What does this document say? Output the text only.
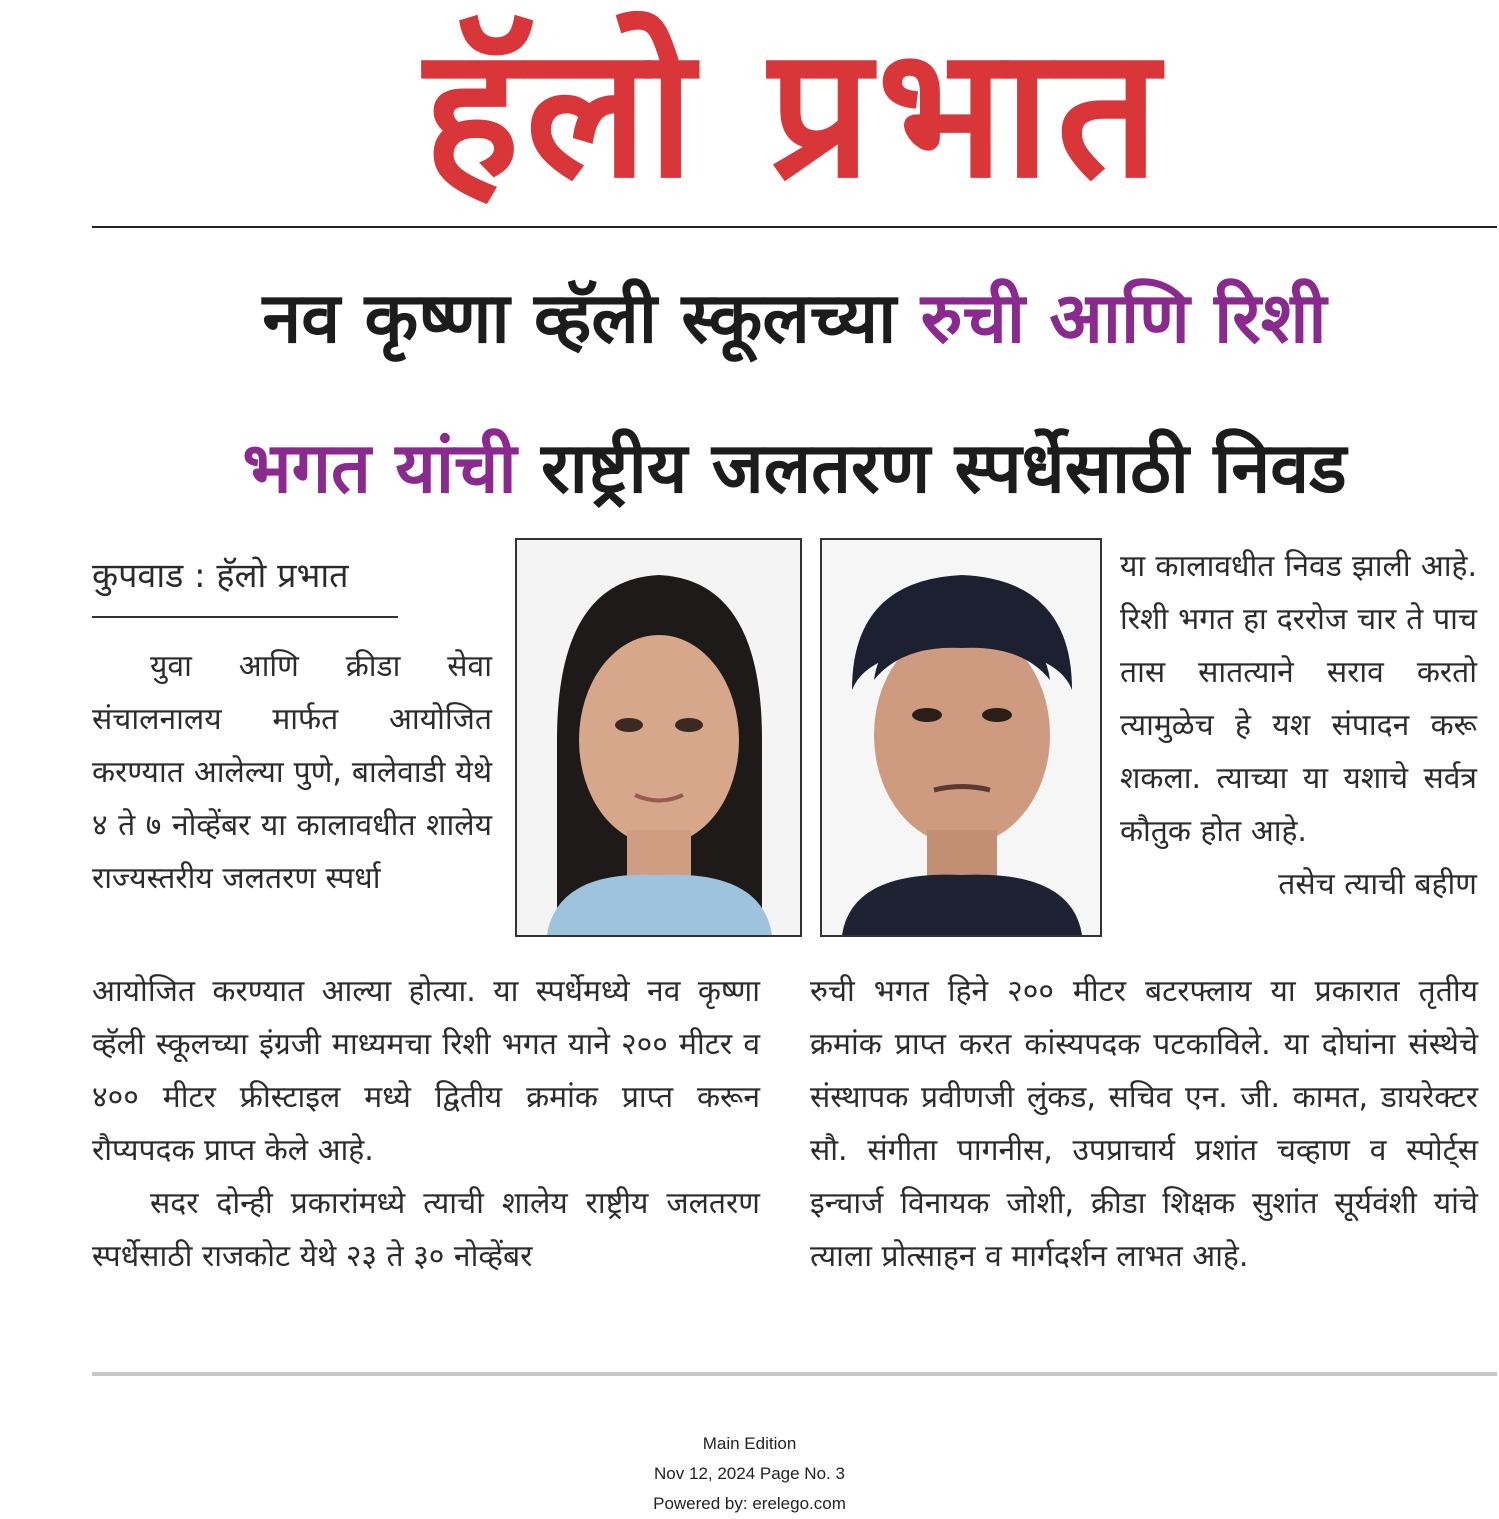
हॅलो प्रभात
नव कृष्णा व्हॅली स्कूलच्या रुची आणि रिशी
भगत यांची राष्ट्रीय जलतरण स्पर्धेसाठी निवड
कुपवाड : हॅलो प्रभात

युवा आणि क्रीडा सेवा संचालनालय मार्फत आयोजित करण्यात आलेल्या पुणे, बालेवाडी येथे ४ ते ७ नोव्हेंबर या कालावधीत शालेय राज्यस्तरीय जलतरण स्पर्धा

या कालावधीत निवड झाली आहे. रिशी भगत हा दररोज चार ते पाच तास सातत्याने सराव करतो त्यामुळेच हे यश संपादन करू शकला. त्याच्या या यशाचे सर्वत्र कौतुक होत आहे.

तसेच त्याची बहीण

आयोजित करण्यात आल्या होत्या. या स्पर्धेमध्ये नव कृष्णा व्हॅली स्कूलच्या इंग्रजी माध्यमचा रिशी भगत याने २०० मीटर व ४०० मीटर फ्रीस्टाइल मध्ये द्वितीय क्रमांक प्राप्त करून रौप्यपदक प्राप्त केले आहे.

सदर दोन्ही प्रकारांमध्ये त्याची शालेय राष्ट्रीय जलतरण स्पर्धेसाठी राजकोट येथे २३ ते ३० नोव्हेंबर

रुची भगत हिने २०० मीटर बटरफ्लाय या प्रकारात तृतीय क्रमांक प्राप्त करत कांस्यपदक पटकाविले. या दोघांना संस्थेचे संस्थापक प्रवीणजी लुंकड, सचिव एन. जी. कामत, डायरेक्टर सौ. संगीता पागनीस, उपप्राचार्य प्रशांत चव्हाण व स्पोर्ट्स इन्चार्ज विनायक जोशी, क्रीडा शिक्षक सुशांत सूर्यवंशी यांचे त्याला प्रोत्साहन व मार्गदर्शन लाभत आहे.

Main Edition
Nov 12, 2024 Page No. 3
Powered by: erelego.com
